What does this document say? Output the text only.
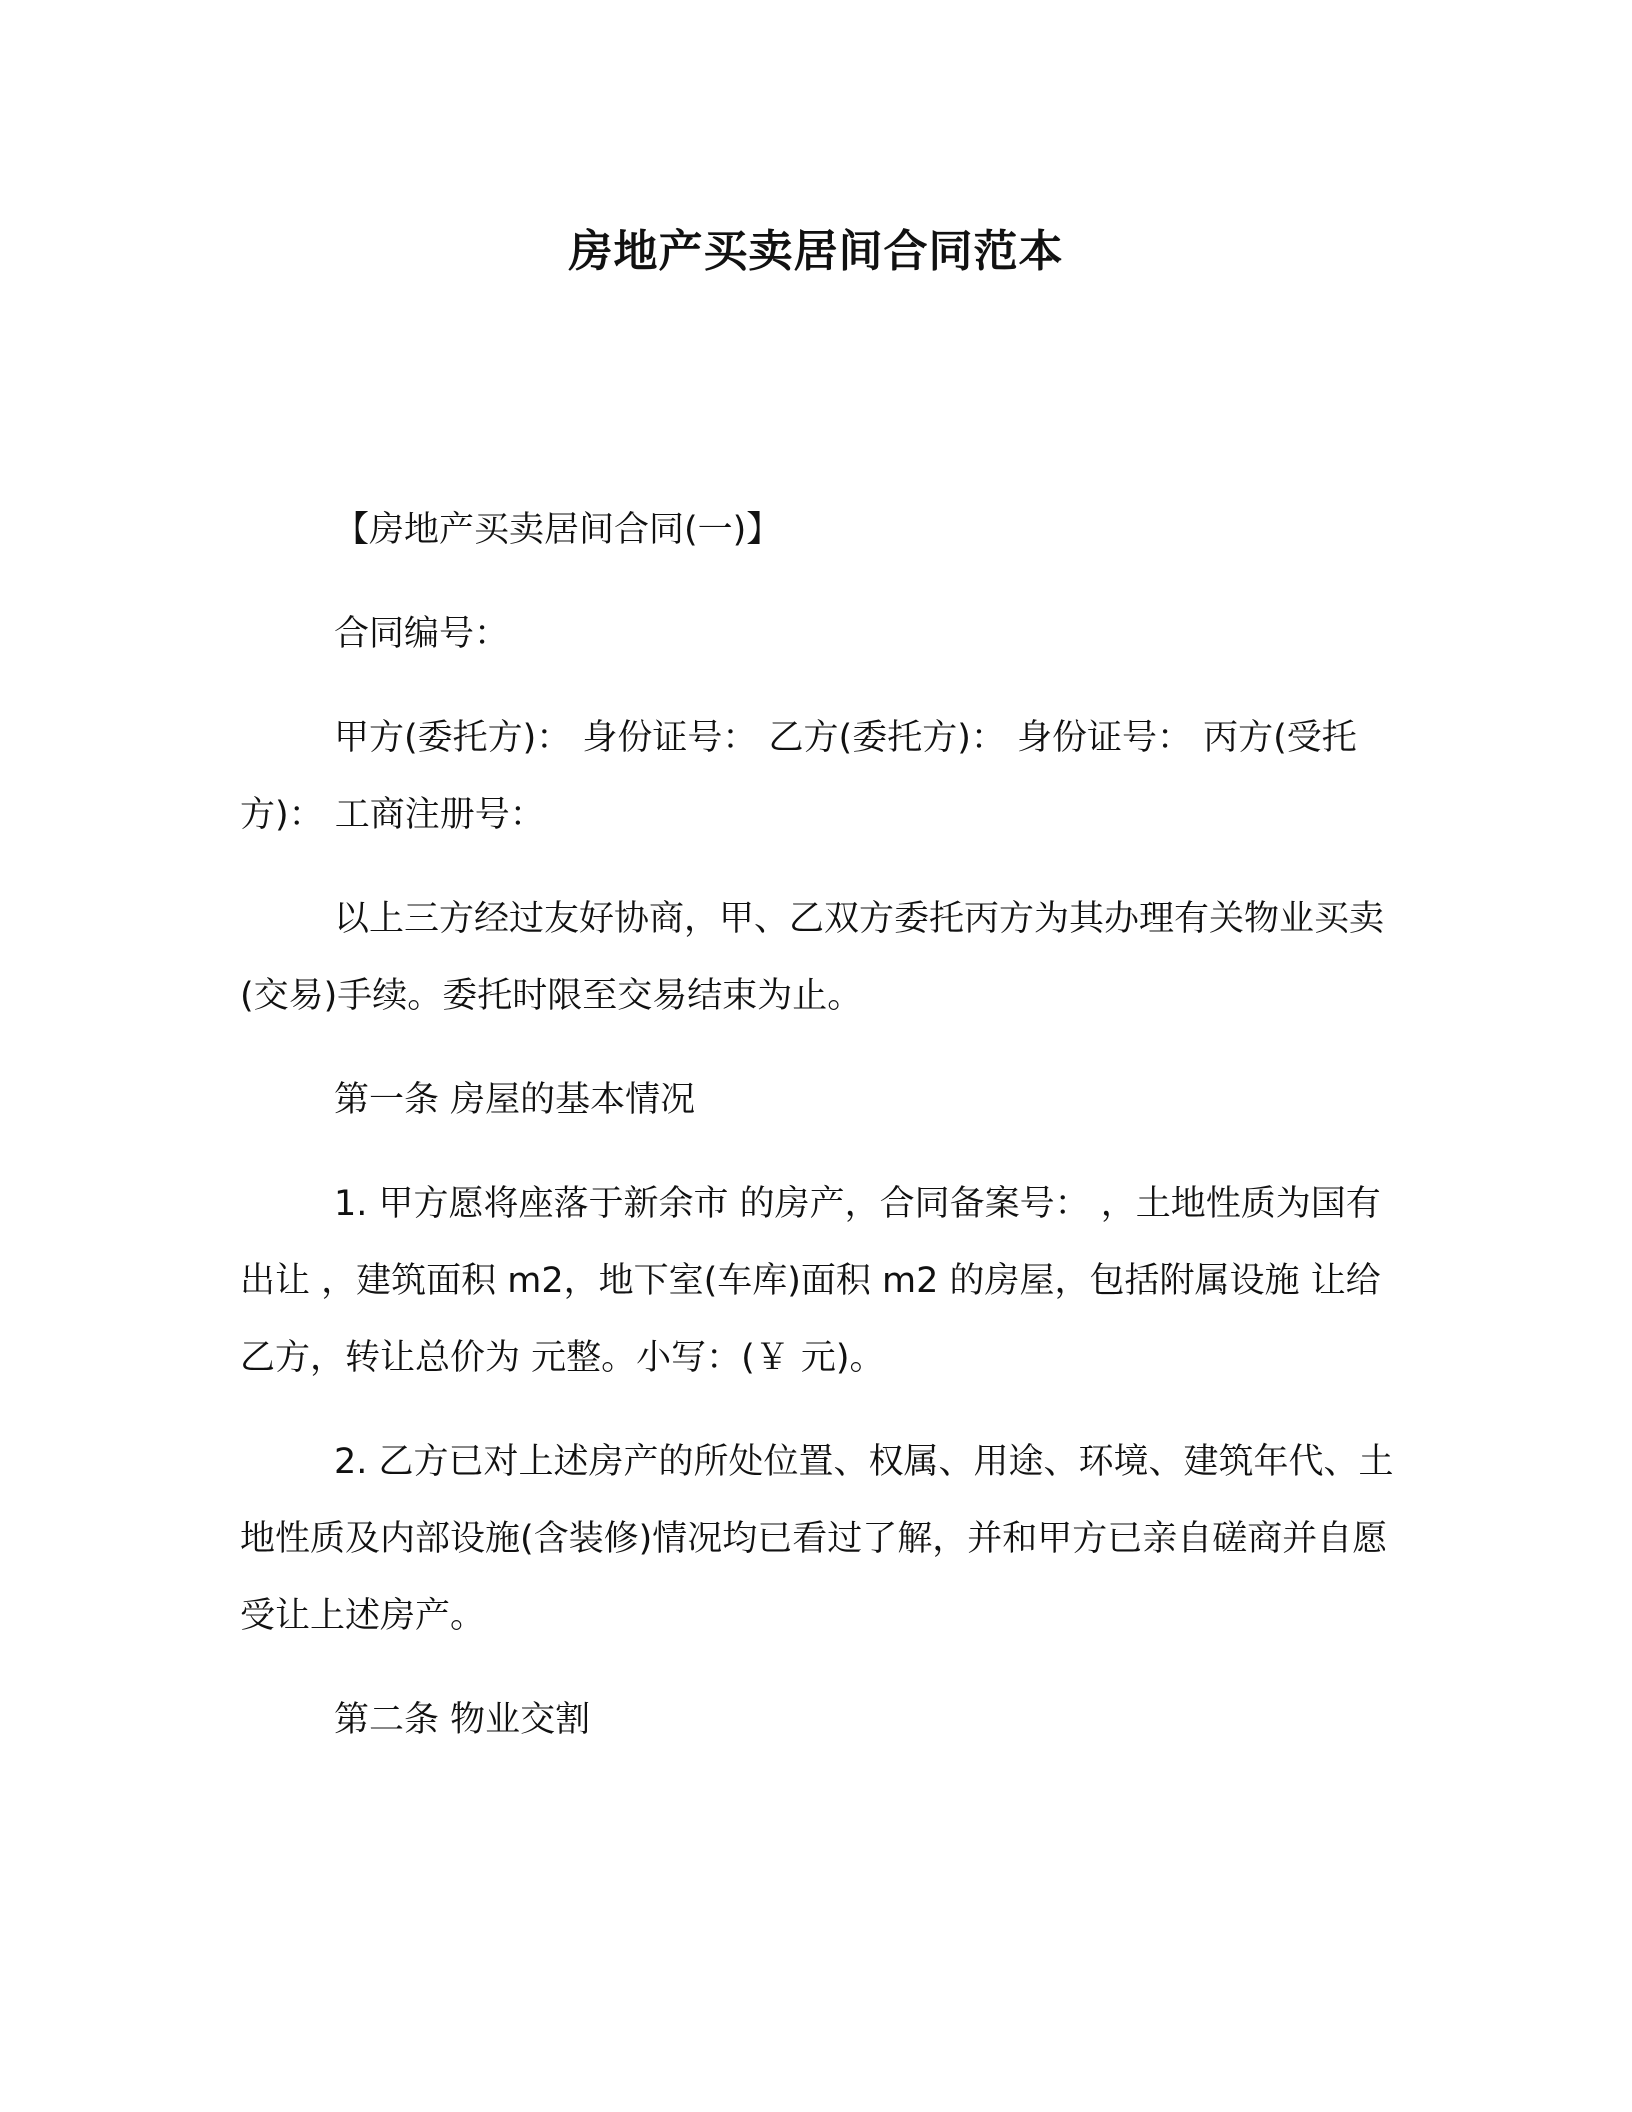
房地产买卖居间合同范本

【房地产买卖居间合同(一)】

合同编号：

甲方(委托方)： 身份证号： 乙方(委托方)： 身份证号： 丙方(受托方)： 工商注册号：

以上三方经过友好协商，甲、乙双方委托丙方为其办理有关物业买卖(交易)手续。委托时限至交易结束为止。

第一条 房屋的基本情况

1. 甲方愿将座落于新余市 的房产，合同备案号： ，土地性质为国有出让 ，建筑面积 m2，地下室(车库)面积 m2 的房屋，包括附属设施 让给乙方，转让总价为 元整。小写：(￥ 元)。

2. 乙方已对上述房产的所处位置、权属、用途、环境、建筑年代、土地性质及内部设施(含装修)情况均已看过了解，并和甲方已亲自磋商并自愿受让上述房产。

第二条 物业交割
